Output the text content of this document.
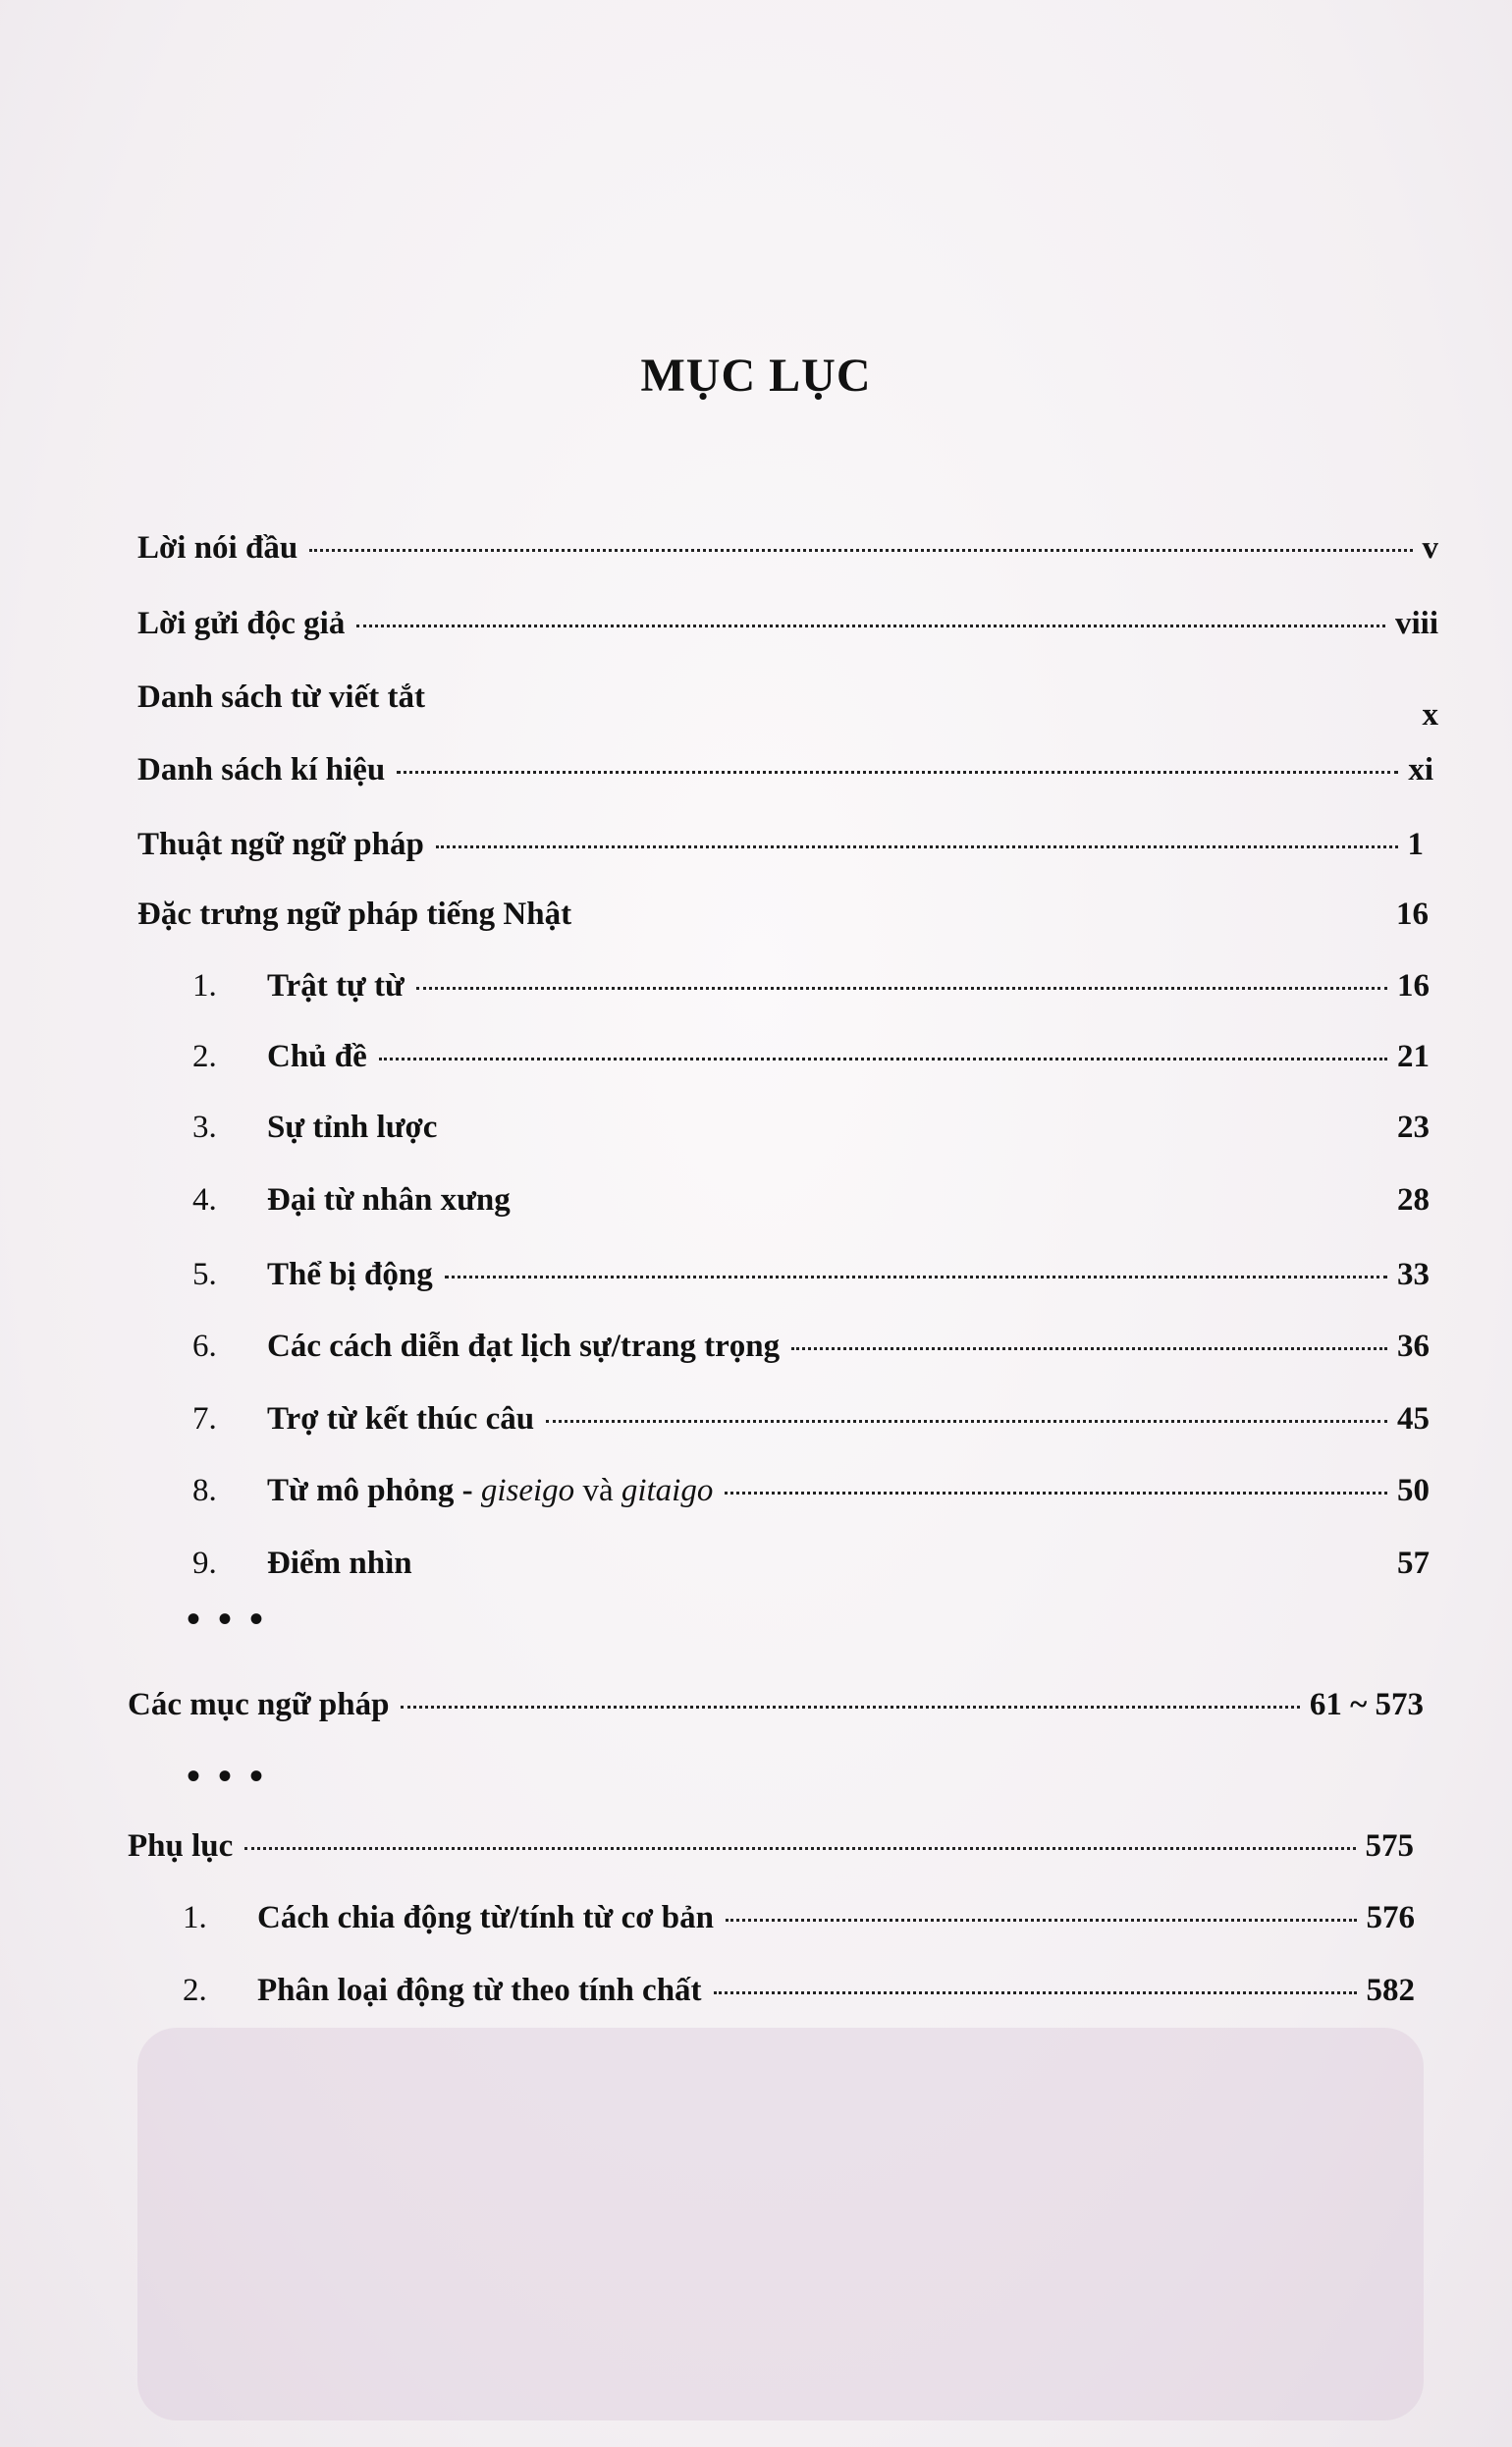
MỤC LỤC
Lời nói đầu	v
Lời gửi độc giả	viii
Danh sách từ viết tắt	x
Danh sách kí hiệu	xi
Thuật ngữ ngữ pháp	1
Đặc trưng ngữ pháp tiếng Nhật	16
1.	Trật tự từ	16
2.	Chủ đề	21
3.	Sự tỉnh lược	23
4.	Đại từ nhân xưng	28
5.	Thể bị động	33
6.	Các cách diễn đạt lịch sự/trang trọng	36
7.	Trợ từ kết thúc câu	45
8.	Từ mô phỏng - giseigo và gitaigo	50
9.	Điểm nhìn	57
• • •
Các mục ngữ pháp	61 ~ 573
• • •
Phụ lục	575
1.	Cách chia động từ/tính từ cơ bản	576
2.	Phân loại động từ theo tính chất	582
